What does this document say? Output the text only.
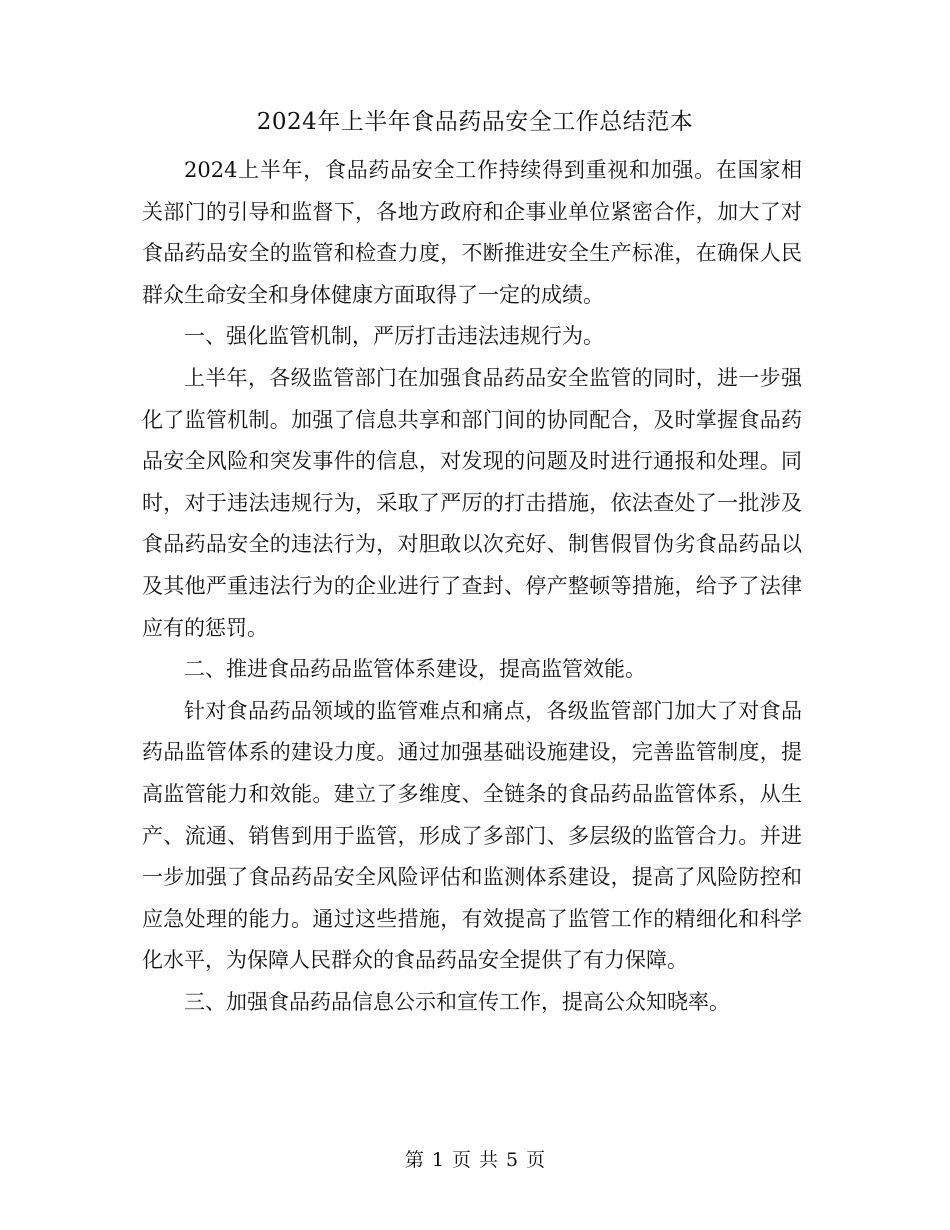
2024年上半年食品药品安全工作总结范本

2024上半年，食品药品安全工作持续得到重视和加强。在国家相关部门的引导和监督下，各地方政府和企事业单位紧密合作，加大了对食品药品安全的监管和检查力度，不断推进安全生产标准，在确保人民群众生命安全和身体健康方面取得了一定的成绩。

一、强化监管机制，严厉打击违法违规行为。

上半年，各级监管部门在加强食品药品安全监管的同时，进一步强化了监管机制。加强了信息共享和部门间的协同配合，及时掌握食品药品安全风险和突发事件的信息，对发现的问题及时进行通报和处理。同时，对于违法违规行为，采取了严厉的打击措施，依法查处了一批涉及食品药品安全的违法行为，对胆敢以次充好、制售假冒伪劣食品药品以及其他严重违法行为的企业进行了查封、停产整顿等措施，给予了法律应有的惩罚。

二、推进食品药品监管体系建设，提高监管效能。

针对食品药品领域的监管难点和痛点，各级监管部门加大了对食品药品监管体系的建设力度。通过加强基础设施建设，完善监管制度，提高监管能力和效能。建立了多维度、全链条的食品药品监管体系，从生产、流通、销售到用于监管，形成了多部门、多层级的监管合力。并进一步加强了食品药品安全风险评估和监测体系建设，提高了风险防控和应急处理的能力。通过这些措施，有效提高了监管工作的精细化和科学化水平，为保障人民群众的食品药品安全提供了有力保障。

三、加强食品药品信息公示和宣传工作，提高公众知晓率。

第 1 页 共 5 页
